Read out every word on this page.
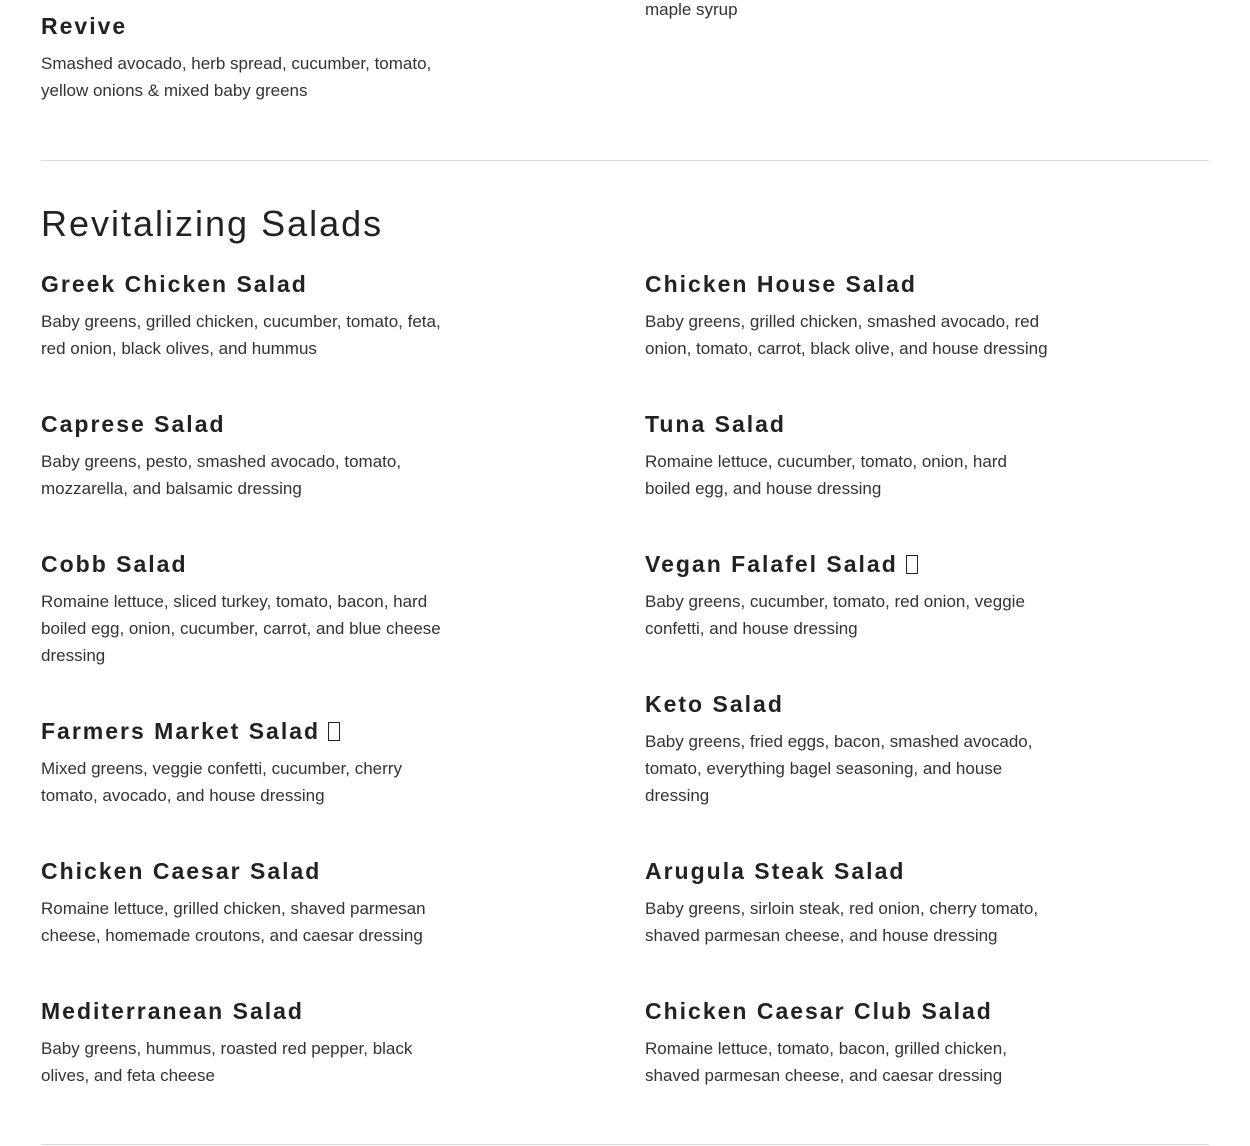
maple syrup

Revive

Smashed avocado, herb spread, cucumber, tomato, yellow onions & mixed baby greens

Revitalizing Salads
Greek Chicken Salad

Baby greens, grilled chicken, cucumber, tomato, feta, red onion, black olives, and hummus

Caprese Salad

Baby greens, pesto, smashed avocado, tomato, mozzarella, and balsamic dressing

Cobb Salad

Romaine lettuce, sliced turkey, tomato, bacon, hard boiled egg, onion, cucumber, carrot, and blue cheese dressing

Farmers Market Salad

Mixed greens, veggie confetti, cucumber, cherry tomato, avocado, and house dressing

Chicken Caesar Salad

Romaine lettuce, grilled chicken, shaved parmesan cheese, homemade croutons, and caesar dressing

Mediterranean Salad

Baby greens, hummus, roasted red pepper, black olives, and feta cheese

Chicken House Salad

Baby greens, grilled chicken, smashed avocado, red onion, tomato, carrot, black olive, and house dressing

Tuna Salad

Romaine lettuce, cucumber, tomato, onion, hard boiled egg, and house dressing

Vegan Falafel Salad

Baby greens, cucumber, tomato, red onion, veggie confetti, and house dressing

Keto Salad

Baby greens, fried eggs, bacon, smashed avocado, tomato, everything bagel seasoning, and house dressing

Arugula Steak Salad

Baby greens, sirloin steak, red onion, cherry tomato, shaved parmesan cheese, and house dressing

Chicken Caesar Club Salad

Romaine lettuce, tomato, bacon, grilled chicken, shaved parmesan cheese, and caesar dressing
